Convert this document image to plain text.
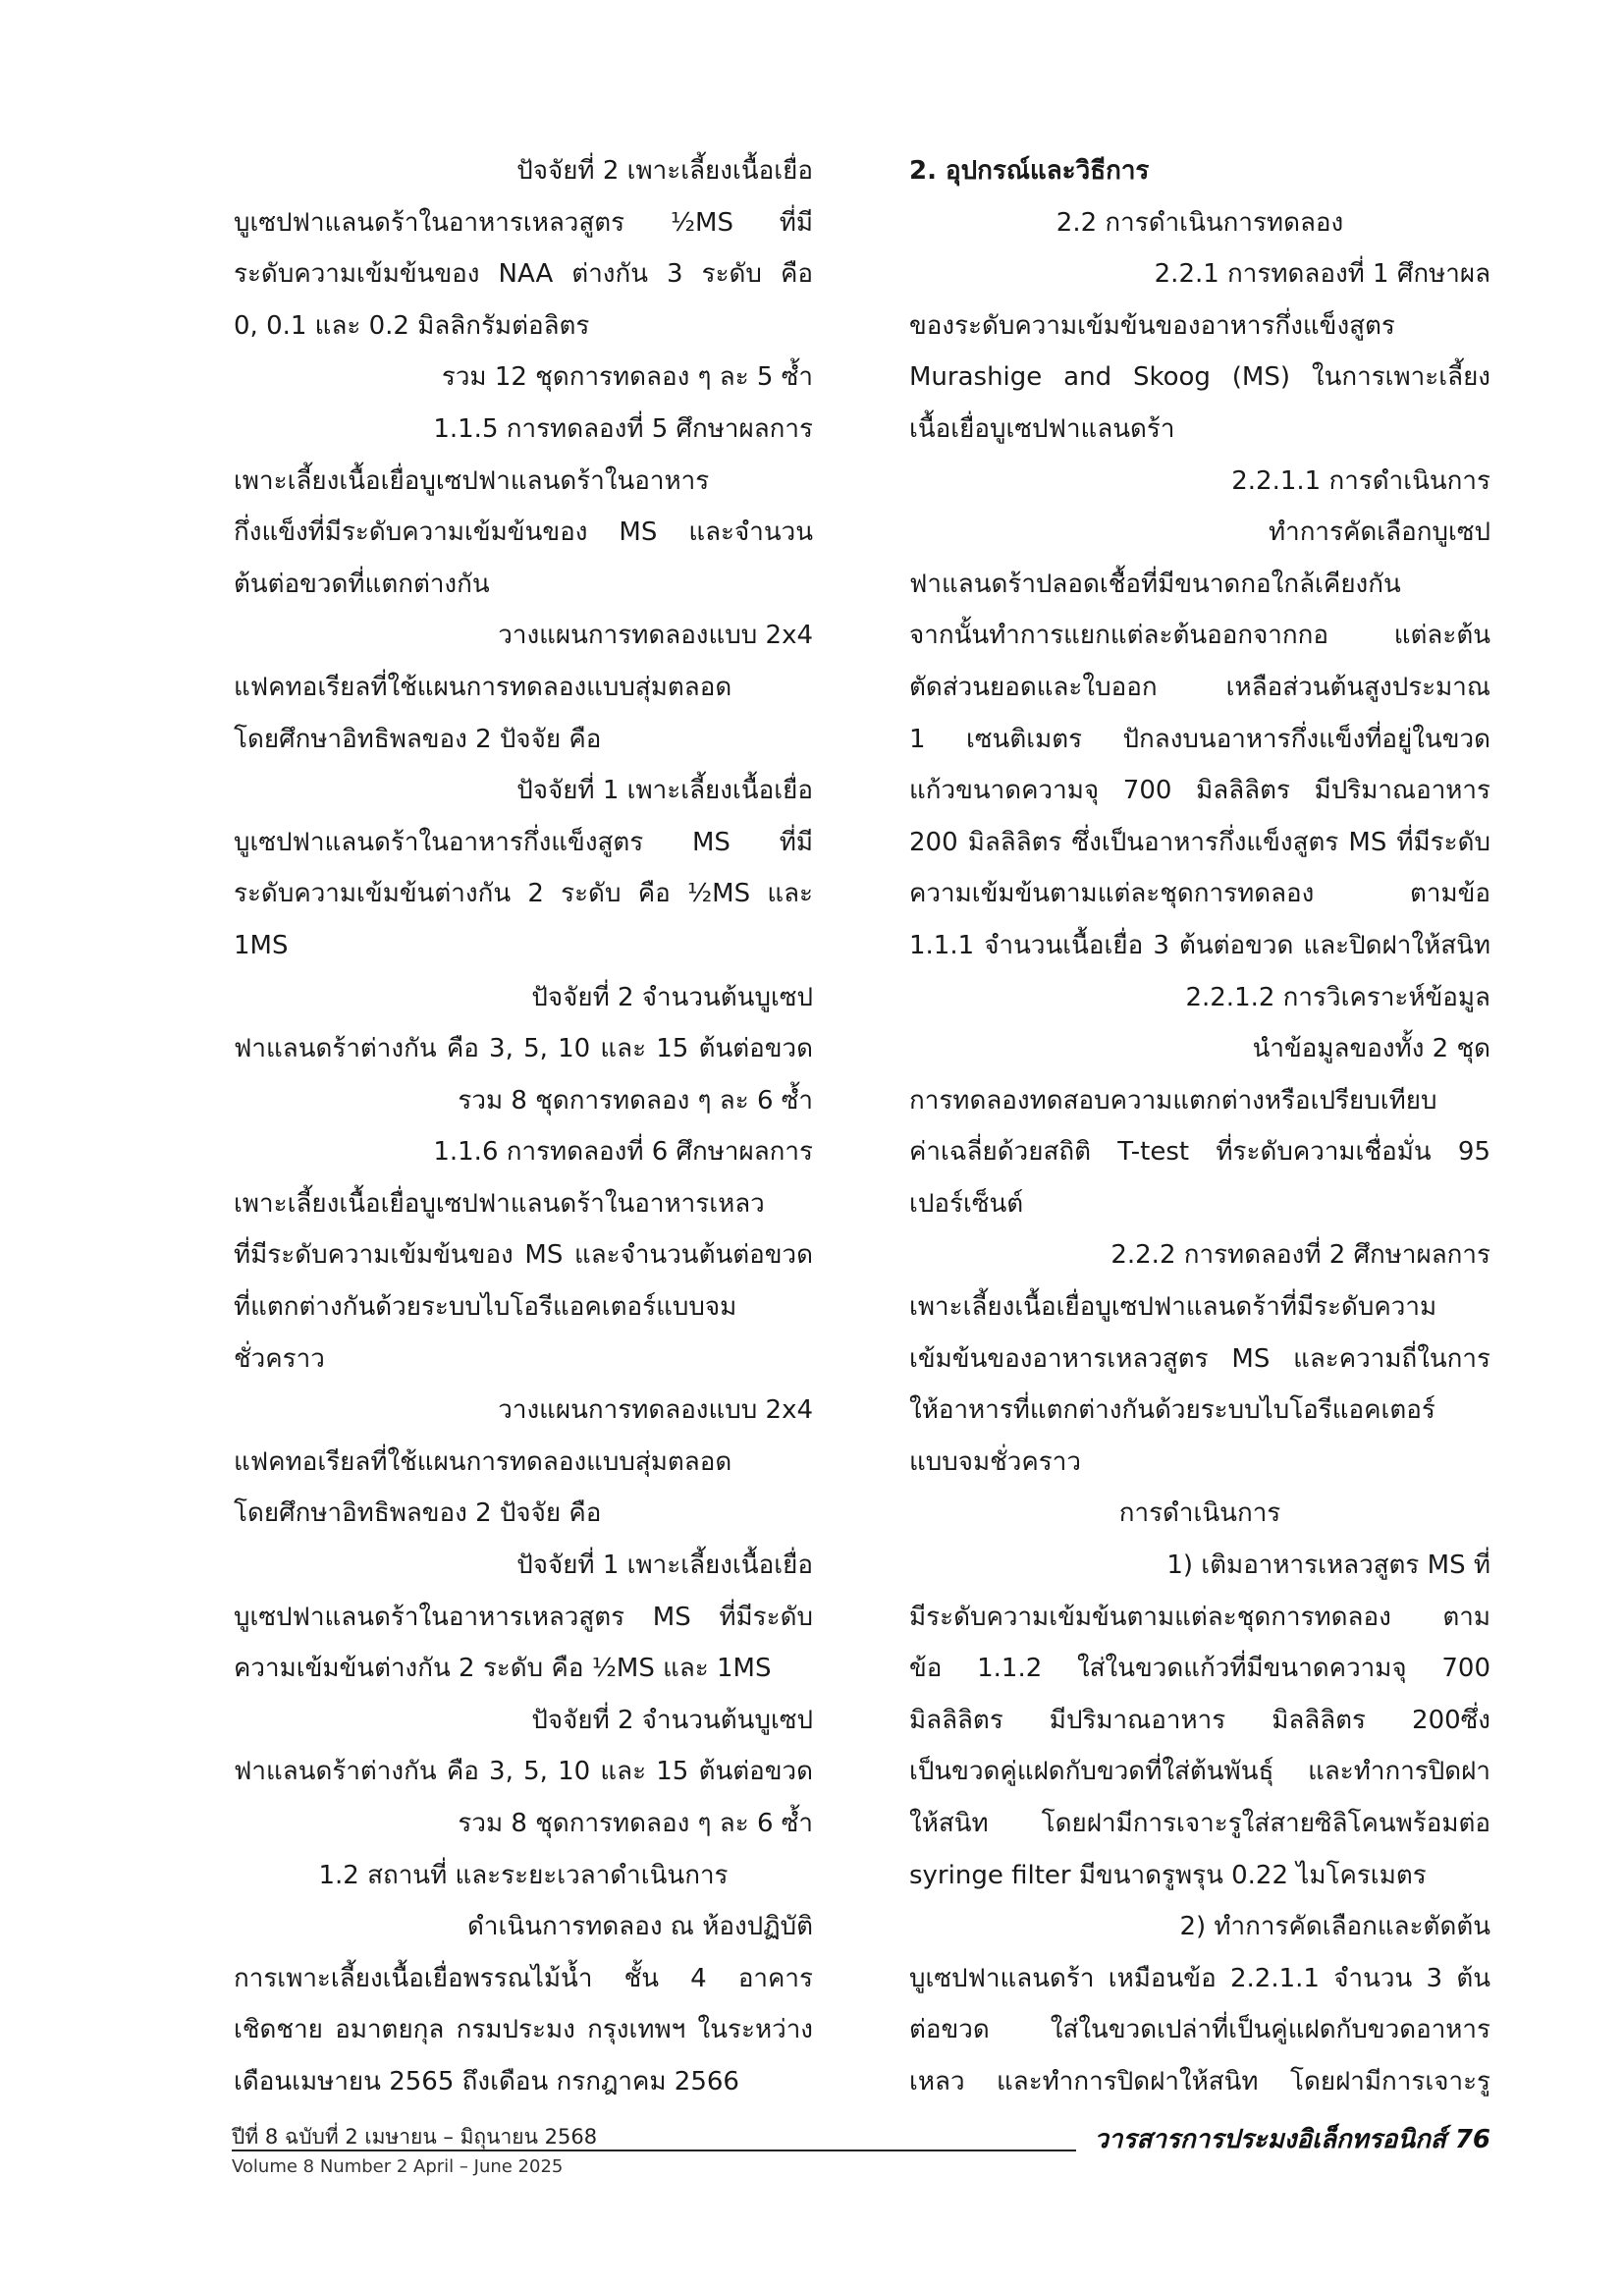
ปัจจัยที่ 2 เพาะเลี้ยงเนื้อเยื่อ
บูเซปฟาแลนดร้าในอาหารเหลวสูตร ½MS ที่มี
ระดับความเข้มข้นของ NAA ต่างกัน 3 ระดับ คือ
0, 0.1 และ 0.2 มิลลิกรัมต่อลิตร
รวม 12 ชุดการทดลอง ๆ ละ 5 ซ้ำ
1.1.5 การทดลองที่ 5 ศึกษาผลการ
เพาะเลี้ยงเนื้อเยื่อบูเซปฟาแลนดร้าในอาหาร
กึ่งแข็งที่มีระดับความเข้มข้นของ MS และจำนวน
ต้นต่อขวดที่แตกต่างกัน
วางแผนการทดลองแบบ 2x4
แฟคทอเรียลที่ใช้แผนการทดลองแบบสุ่มตลอด
โดยศึกษาอิทธิพลของ 2 ปัจจัย คือ
ปัจจัยที่ 1 เพาะเลี้ยงเนื้อเยื่อ
บูเซปฟาแลนดร้าในอาหารกึ่งแข็งสูตร MS ที่มี
ระดับความเข้มข้นต่างกัน 2 ระดับ คือ ½MS และ
1MS
ปัจจัยที่ 2 จำนวนต้นบูเซป
ฟาแลนดร้าต่างกัน คือ 3, 5, 10 และ 15 ต้นต่อขวด
รวม 8 ชุดการทดลอง ๆ ละ 6 ซ้ำ
1.1.6 การทดลองที่ 6 ศึกษาผลการ
เพาะเลี้ยงเนื้อเยื่อบูเซปฟาแลนดร้าในอาหารเหลว
ที่มีระดับความเข้มข้นของ MS และจำนวนต้นต่อขวด
ที่แตกต่างกันด้วยระบบไบโอรีแอคเตอร์แบบจม
ชั่วคราว
วางแผนการทดลองแบบ 2x4
แฟคทอเรียลที่ใช้แผนการทดลองแบบสุ่มตลอด
โดยศึกษาอิทธิพลของ 2 ปัจจัย คือ
ปัจจัยที่ 1 เพาะเลี้ยงเนื้อเยื่อ
บูเซปฟาแลนดร้าในอาหารเหลวสูตร MS ที่มีระดับ
ความเข้มข้นต่างกัน 2 ระดับ คือ ½MS และ 1MS
ปัจจัยที่ 2 จำนวนต้นบูเซป
ฟาแลนดร้าต่างกัน คือ 3, 5, 10 และ 15 ต้นต่อขวด
รวม 8 ชุดการทดลอง ๆ ละ 6 ซ้ำ
1.2 สถานที่ และระยะเวลาดำเนินการ
ดำเนินการทดลอง ณ ห้องปฏิบัติ
การเพาะเลี้ยงเนื้อเยื่อพรรณไม้น้ำ ชั้น 4 อาคาร
เชิดชาย อมาตยกุล กรมประมง กรุงเทพฯ ในระหว่าง
เดือนเมษายน 2565 ถึงเดือน กรกฎาคม 2566
2. อุปกรณ์และวิธีการ
2.2 การดำเนินการทดลอง
2.2.1 การทดลองที่ 1 ศึกษาผล
ของระดับความเข้มข้นของอาหารกึ่งแข็งสูตร
Murashige and Skoog (MS) ในการเพาะเลี้ยง
เนื้อเยื่อบูเซปฟาแลนดร้า
2.2.1.1 การดำเนินการ
ทำการคัดเลือกบูเซป
ฟาแลนดร้าปลอดเชื้อที่มีขนาดกอใกล้เคียงกัน
จากนั้นทำการแยกแต่ละต้นออกจากกอ แต่ละต้น
ตัดส่วนยอดและใบออก เหลือส่วนต้นสูงประมาณ
1 เซนติเมตร ปักลงบนอาหารกึ่งแข็งที่อยู่ในขวด
แก้วขนาดความจุ 700 มิลลิลิตร มีปริมาณอาหาร
200 มิลลิลิตร ซึ่งเป็นอาหารกึ่งแข็งสูตร MS ที่มีระดับ
ความเข้มข้นตามแต่ละชุดการทดลอง ตามข้อ
1.1.1 จำนวนเนื้อเยื่อ 3 ต้นต่อขวด และปิดฝาให้สนิท
2.2.1.2 การวิเคราะห์ข้อมูล
นำข้อมูลของทั้ง 2 ชุด
การทดลองทดสอบความแตกต่างหรือเปรียบเทียบ
ค่าเฉลี่ยด้วยสถิติ T-test ที่ระดับความเชื่อมั่น 95
เปอร์เซ็นต์
2.2.2 การทดลองที่ 2 ศึกษาผลการ
เพาะเลี้ยงเนื้อเยื่อบูเซปฟาแลนดร้าที่มีระดับความ
เข้มข้นของอาหารเหลวสูตร MS และความถี่ในการ
ให้อาหารที่แตกต่างกันด้วยระบบไบโอรีแอคเตอร์
แบบจมชั่วคราว
การดำเนินการ
1) เติมอาหารเหลวสูตร MS ที่
มีระดับความเข้มข้นตามแต่ละชุดการทดลอง ตาม
ข้อ 1.1.2 ใส่ในขวดแก้วที่มีขนาดความจุ 700
มิลลิลิตร มีปริมาณอาหาร มิลลิลิตร 200ซึ่ง
เป็นขวดคู่แฝดกับขวดที่ใส่ต้นพันธุ์ และทำการปิดฝา
ให้สนิท โดยฝามีการเจาะรูใส่สายซิลิโคนพร้อมต่อ
syringe filter มีขนาดรูพรุน 0.22 ไมโครเมตร
2) ทำการคัดเลือกและตัดต้น
บูเซปฟาแลนดร้า เหมือนข้อ 2.2.1.1 จำนวน 3 ต้น
ต่อขวด ใส่ในขวดเปล่าที่เป็นคู่แฝดกับขวดอาหาร
เหลว และทำการปิดฝาให้สนิท โดยฝามีการเจาะรู
ปีที่ 8 ฉบับที่ 2 เมษายน – มิถุนายน 2568
Volume 8 Number 2 April – June 2025
วารสารการประมงอิเล็กทรอนิกส์ 76
